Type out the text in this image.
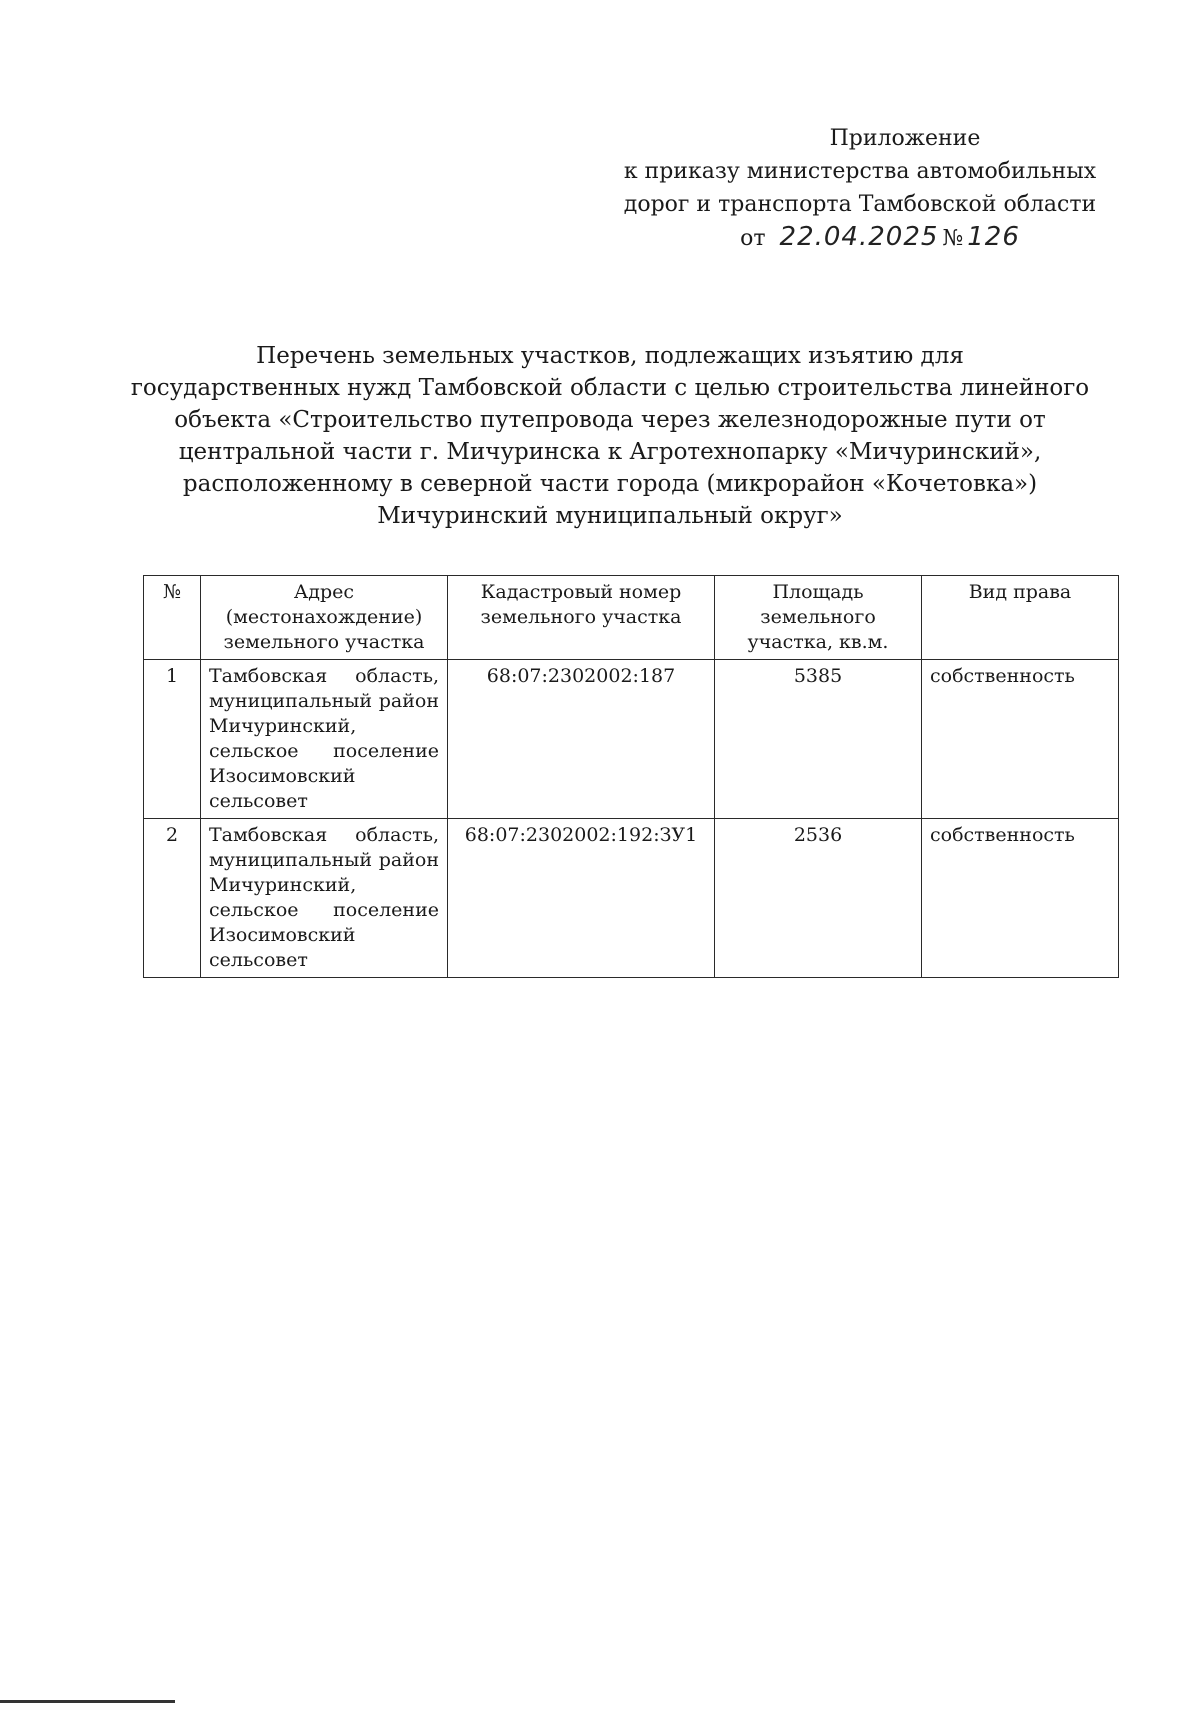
Приложение
к приказу министерства автомобильных
дорог и транспорта Тамбовской области
от 22.04.2025 № 126
Перечень земельных участков, подлежащих изъятию для
государственных нужд Тамбовской области с целью строительства линейного
объекта «Строительство путепровода через железнодорожные пути от
центральной части г. Мичуринска к Агротехнопарку «Мичуринский»,
расположенному в северной части города (микрорайон «Кочетовка»)
Мичуринский муниципальный округ»
№	Адрес (местонахождение) земельного участка	Кадастровый номер земельного участка	Площадь земельного участка, кв.м.	Вид права
1	Тамбовская область, муниципальный район Мичуринский, сельское поселение Изосимовский сельсовет	68:07:2302002:187	5385	собственность
2	Тамбовская область, муниципальный район Мичуринский, сельское поселение Изосимовский сельсовет	68:07:2302002:192:ЗУ1	2536	собственность
